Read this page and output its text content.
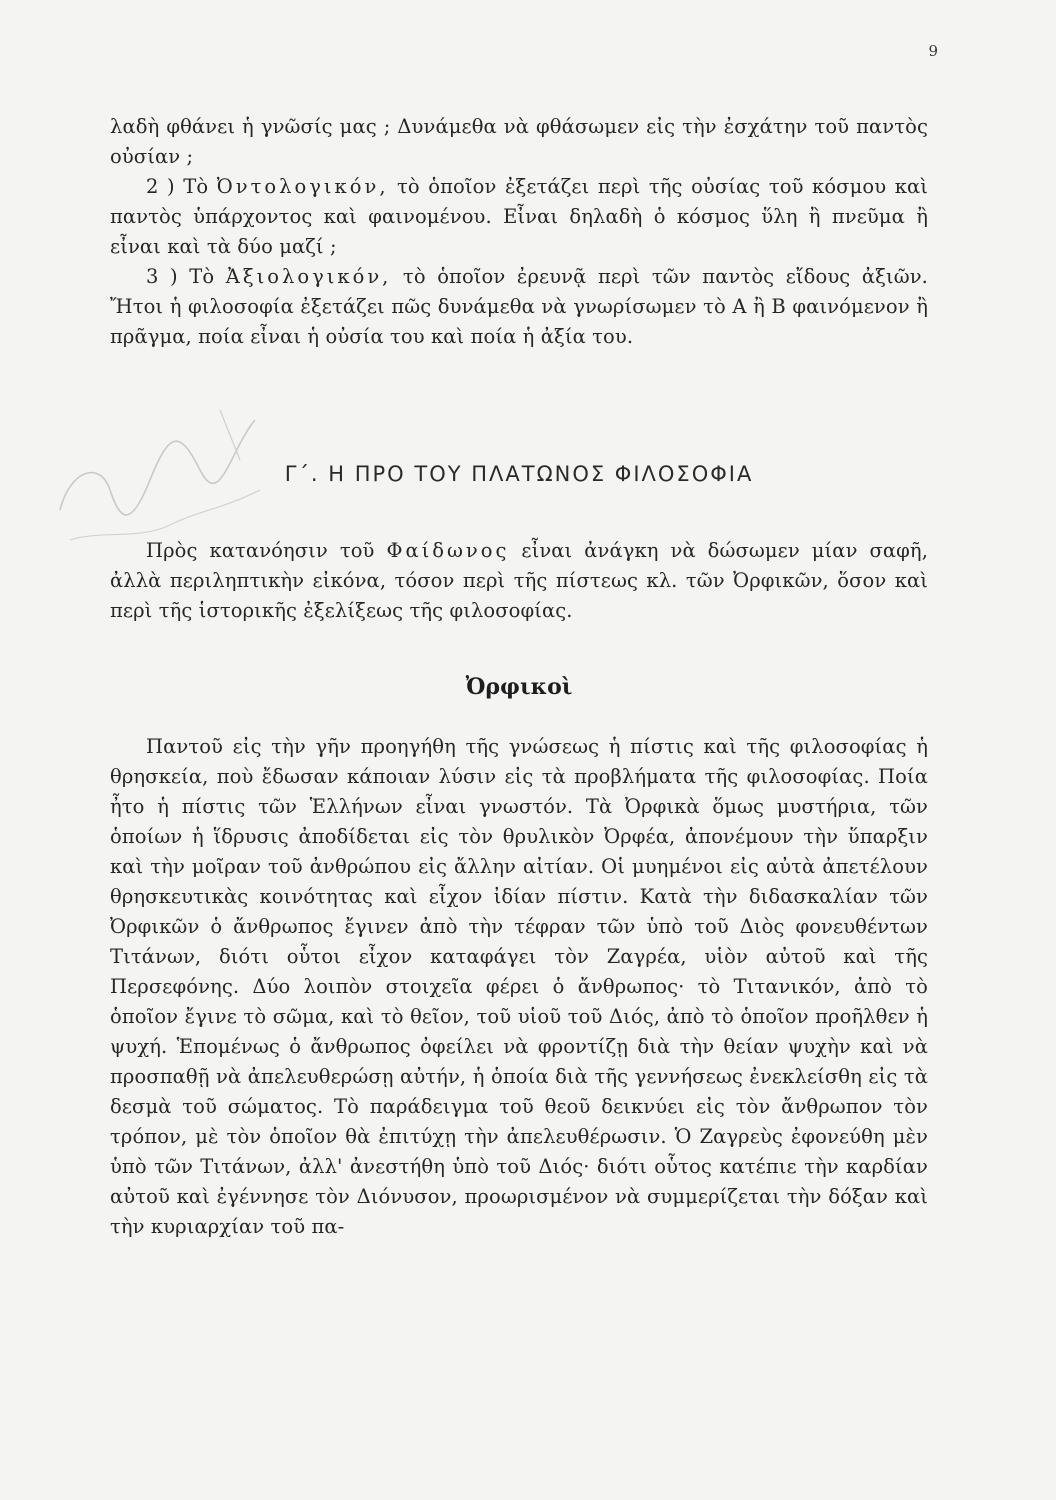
9

λαδὴ φθάνει ἡ γνῶσίς μας ; Δυνάμεθα νὰ φθάσωμεν εἰς τὴν ἐσχάτην τοῦ παντὸς οὐσίαν ;

2 ) Τὸ Ὀντολογικόν, τὸ ὁποῖον ἐξετάζει περὶ τῆς οὐσίας τοῦ κόσμου καὶ παντὸς ὑπάρχοντος καὶ φαινομένου. Εἶναι δηλαδὴ ὁ κόσμος ὕλη ἢ πνεῦμα ἢ εἶναι καὶ τὰ δύο μαζί ;

3 ) Τὸ Ἀξιολογικόν, τὸ ὁποῖον ἐρευνᾷ περὶ τῶν παντὸς εἴδους ἀξιῶν. Ἤτοι ἡ φιλοσοφία ἐξετάζει πῶς δυνάμεθα νὰ γνωρίσωμεν τὸ Α ἢ Β φαινόμενον ἢ πρᾶγμα, ποία εἶναι ἡ οὐσία του καὶ ποία ἡ ἀξία του.

Γ΄. Η ΠΡΟ ΤΟΥ ΠΛΑΤΩΝΟΣ ΦΙΛΟΣΟΦΙΑ

Πρὸς κατανόησιν τοῦ Φαίδωνος εἶναι ἀνάγκη νὰ δώσωμεν μίαν σαφῆ, ἀλλὰ περιληπτικὴν εἰκόνα, τόσον περὶ τῆς πίστεως κλ. τῶν Ὀρφικῶν, ὅσον καὶ περὶ τῆς ἱστορικῆς ἐξελίξεως τῆς φιλοσοφίας.

Ὀρφικοὶ

Παντοῦ εἰς τὴν γῆν προηγήθη τῆς γνώσεως ἡ πίστις καὶ τῆς φιλοσοφίας ἡ θρησκεία, ποὺ ἔδωσαν κάποιαν λύσιν εἰς τὰ προβλήματα τῆς φιλοσοφίας. Ποία ἦτο ἡ πίστις τῶν Ἑλλήνων εἶναι γνωστόν. Τὰ Ὀρφικὰ ὅμως μυστήρια, τῶν ὁποίων ἡ ἵδρυσις ἀποδίδεται εἰς τὸν θρυλικὸν Ὀρφέα, ἀπονέμουν τὴν ὕπαρξιν καὶ τὴν μοῖραν τοῦ ἀνθρώπου εἰς ἄλλην αἰτίαν. Οἱ μυημένοι εἰς αὐτὰ ἀπετέλουν θρησκευτικὰς κοινότητας καὶ εἶχον ἰδίαν πίστιν. Κατὰ τὴν διδασκαλίαν τῶν Ὀρφικῶν ὁ ἄνθρωπος ἔγινεν ἀπὸ τὴν τέφραν τῶν ὑπὸ τοῦ Διὸς φονευθέντων Τιτάνων, διότι οὗτοι εἶχον καταφάγει τὸν Ζαγρέα, υἱὸν αὐτοῦ καὶ τῆς Περσεφόνης. Δύο λοιπὸν στοιχεῖα φέρει ὁ ἄνθρωπος· τὸ Τιτανικόν, ἀπὸ τὸ ὁποῖον ἔγινε τὸ σῶμα, καὶ τὸ θεῖον, τοῦ υἱοῦ τοῦ Διός, ἀπὸ τὸ ὁποῖον προῆλθεν ἡ ψυχή. Ἑπομένως ὁ ἄνθρωπος ὀφείλει νὰ φροντίζῃ διὰ τὴν θείαν ψυχὴν καὶ νὰ προσπαθῇ νὰ ἀπελευθερώσῃ αὐτήν, ἡ ὁποία διὰ τῆς γεννήσεως ἐνεκλείσθη εἰς τὰ δεσμὰ τοῦ σώματος. Τὸ παράδειγμα τοῦ θεοῦ δεικνύει εἰς τὸν ἄνθρωπον τὸν τρόπον, μὲ τὸν ὁποῖον θὰ ἐπιτύχῃ τὴν ἀπελευθέρωσιν. Ὁ Ζαγρεὺς ἐφονεύθη μὲν ὑπὸ τῶν Τιτάνων, ἀλλ' ἀνεστήθη ὑπὸ τοῦ Διός· διότι οὗτος κατέπιε τὴν καρδίαν αὐτοῦ καὶ ἐγέννησε τὸν Διόνυσον, προωρισμένον νὰ συμμερίζεται τὴν δόξαν καὶ τὴν κυριαρχίαν τοῦ πα-
